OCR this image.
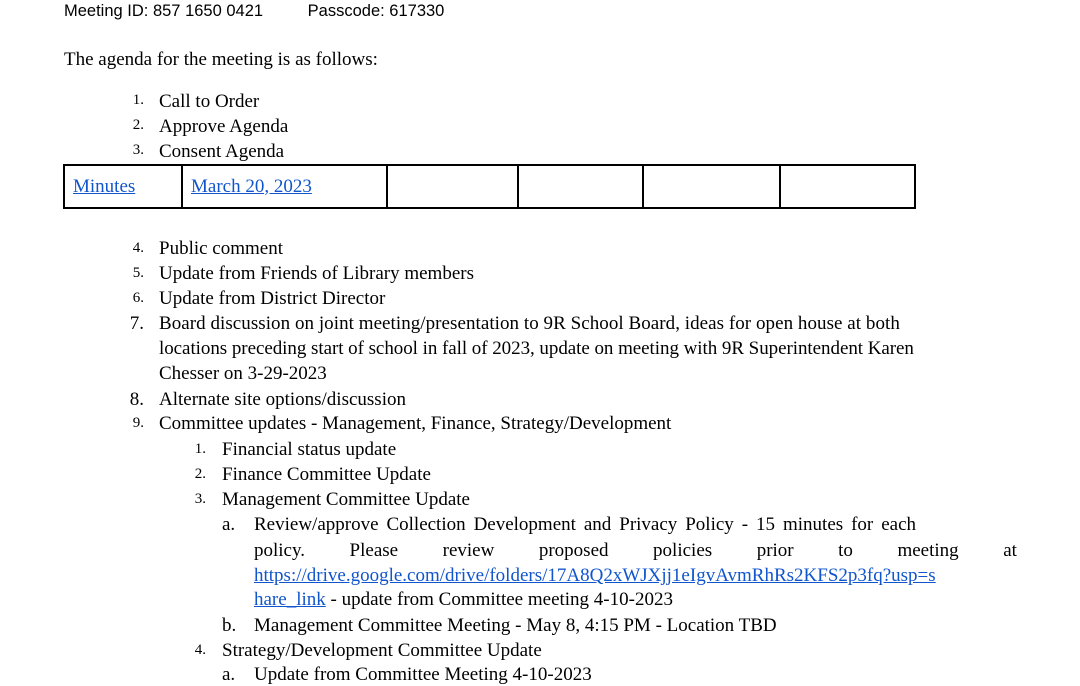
Meeting ID: 857 1650 0421	Passcode: 617330
The agenda for the meeting is as follows:
1. Call to Order
2. Approve Agenda
3. Consent Agenda
Minutes	March 20, 2023				
4. Public comment
5. Update from Friends of Library members
6. Update from District Director
7. Board discussion on joint meeting/presentation to 9R School Board, ideas for open house at both
locations preceding start of school in fall of 2023, update on meeting with 9R Superintendent Karen
Chesser on 3-29-2023
8. Alternate site options/discussion
9. Committee updates - Management, Finance, Strategy/Development
1. Financial status update
2. Finance Committee Update
3. Management Committee Update
a. Review/approve Collection Development and Privacy Policy - 15 minutes for each
policy. Please review proposed policies prior to meeting at
https://drive.google.com/drive/folders/17A8Q2xWJXjj1eIgvAvmRhRs2KFS2p3fq?usp=s
hare_link - update from Committee meeting 4-10-2023
b. Management Committee Meeting - May 8, 4:15 PM - Location TBD
4. Strategy/Development Committee Update
a. Update from Committee Meeting 4-10-2023
